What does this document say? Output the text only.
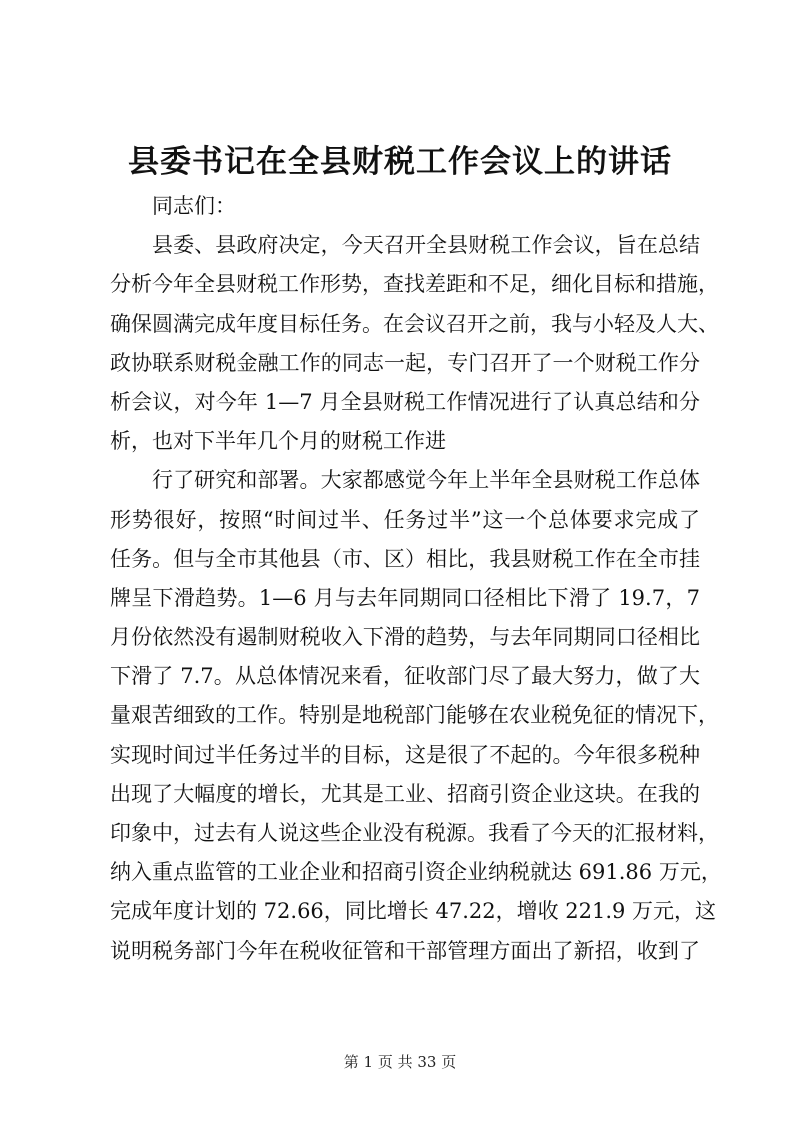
县委书记在全县财税工作会议上的讲话
同志们：
县委、县政府决定，今天召开全县财税工作会议，旨在总结
分析今年全县财税工作形势，查找差距和不足，细化目标和措施，
确保圆满完成年度目标任务。在会议召开之前，我与小轻及人大、
政协联系财税金融工作的同志一起，专门召开了一个财税工作分
析会议，对今年 1—7 月全县财税工作情况进行了认真总结和分
析，也对下半年几个月的财税工作进
行了研究和部署。大家都感觉今年上半年全县财税工作总体
形势很好，按照“时间过半、任务过半”这一个总体要求完成了
任务。但与全市其他县（市、区）相比，我县财税工作在全市挂
牌呈下滑趋势。1—6 月与去年同期同口径相比下滑了 19.7，7
月份依然没有遏制财税收入下滑的趋势，与去年同期同口径相比
下滑了 7.7。从总体情况来看，征收部门尽了最大努力，做了大
量艰苦细致的工作。特别是地税部门能够在农业税免征的情况下，
实现时间过半任务过半的目标，这是很了不起的。今年很多税种
出现了大幅度的增长，尤其是工业、招商引资企业这块。在我的
印象中，过去有人说这些企业没有税源。我看了今天的汇报材料，
纳入重点监管的工业企业和招商引资企业纳税就达 691.86 万元，
完成年度计划的 72.66，同比增长 47.22，增收 221.9 万元，这
说明税务部门今年在税收征管和干部管理方面出了新招，收到了
第 1 页 共 33 页
